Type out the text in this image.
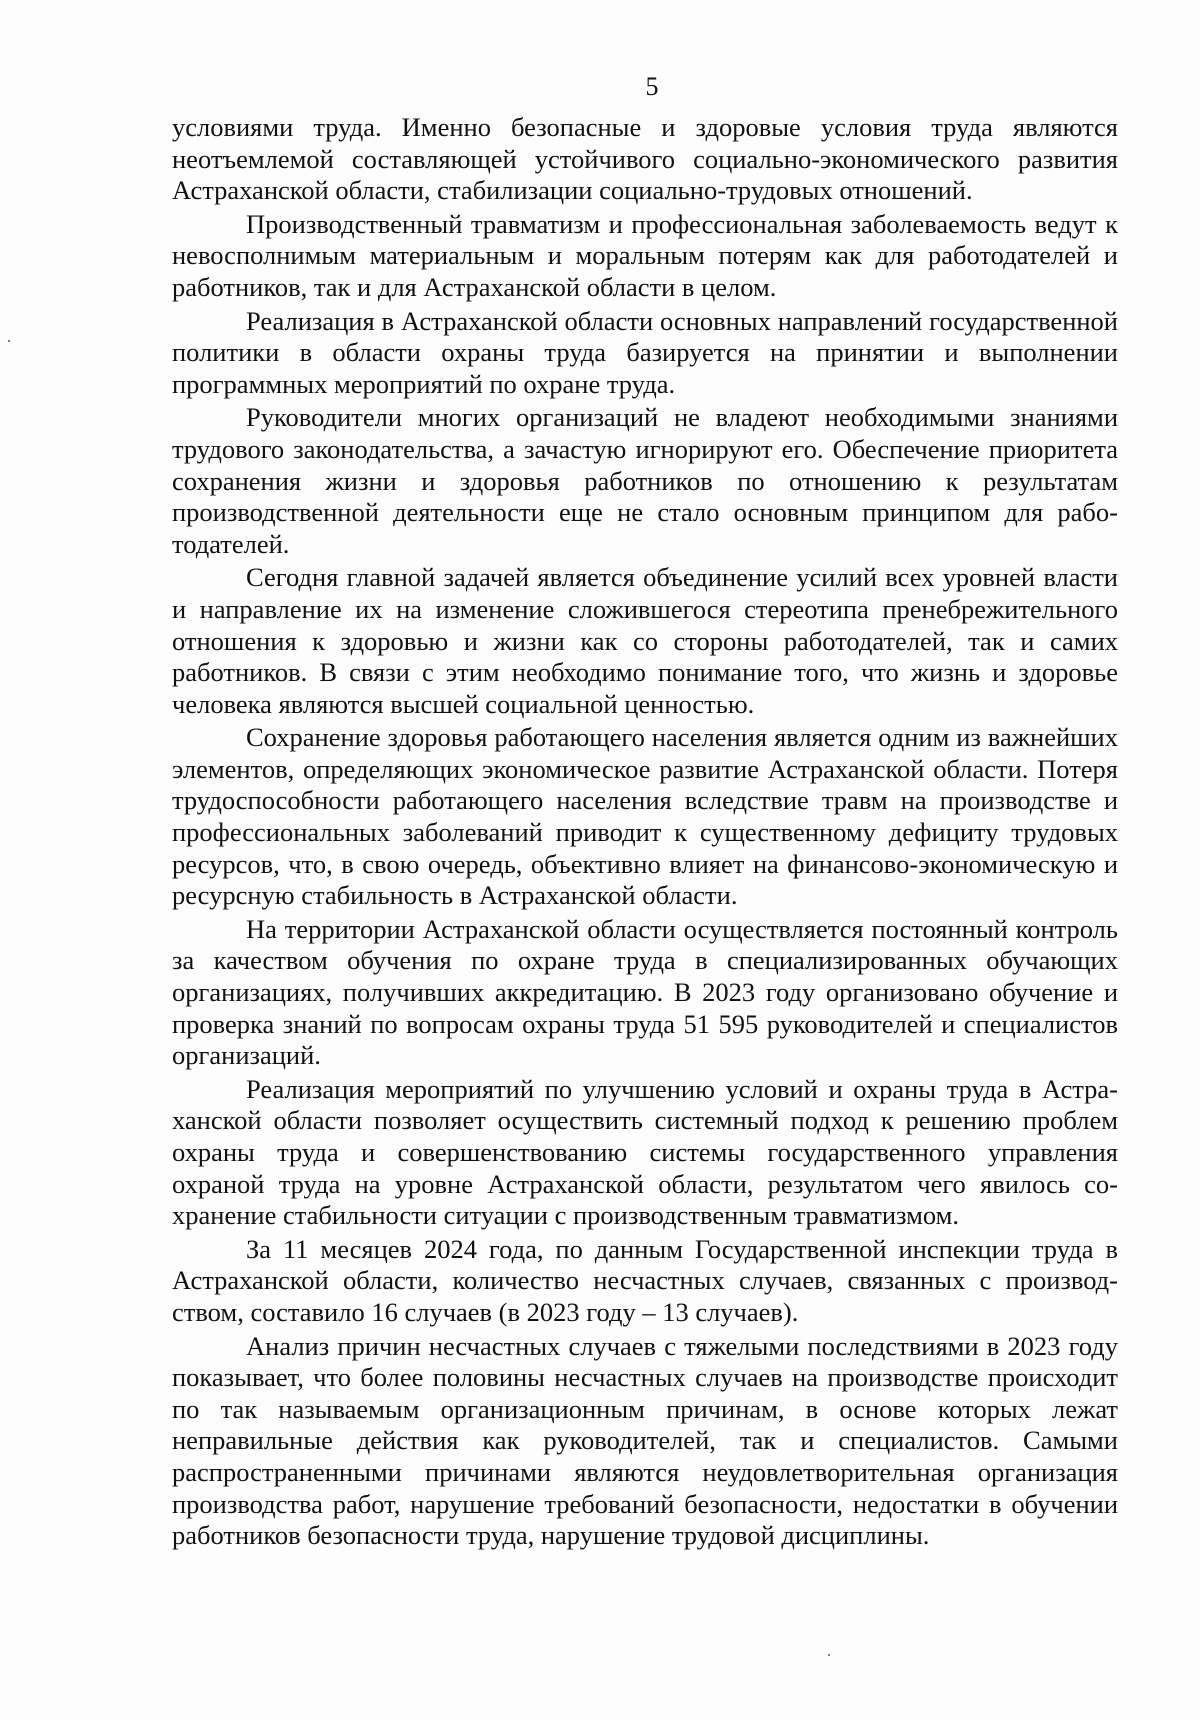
5

условиями труда. Именно безопасные и здоровые условия труда являются неотъемлемой составляющей устойчивого социально-экономического развития Астраханской области, стабилизации социально-трудовых отношений.

Производственный травматизм и профессиональная заболеваемость ведут к невосполнимым материальным и моральным потерям как для работодателей и работников, так и для Астраханской области в целом.

Реализация в Астраханской области основных направлений государственной политики в области охраны труда базируется на принятии и выполнении программных мероприятий по охране труда.

Руководители многих организаций не владеют необходимыми знаниями трудового законодательства, а зачастую игнорируют его. Обеспечение приоритета сохранения жизни и здоровья работников по отношению к результатам производственной деятельности еще не стало основным принципом для работодателей.

Сегодня главной задачей является объединение усилий всех уровней власти и направление их на изменение сложившегося стереотипа пренебрежительного отношения к здоровью и жизни как со стороны работодателей, так и самих работников. В связи с этим необходимо понимание того, что жизнь и здоровье человека являются высшей социальной ценностью.

Сохранение здоровья работающего населения является одним из важнейших элементов, определяющих экономическое развитие Астраханской области. Потеря трудоспособности работающего населения вследствие травм на производстве и профессиональных заболеваний приводит к существенному дефициту трудовых ресурсов, что, в свою очередь, объективно влияет на финансово-экономическую и ресурсную стабильность в Астраханской области.

На территории Астраханской области осуществляется постоянный контроль за качеством обучения по охране труда в специализированных обучающих организациях, получивших аккредитацию. В 2023 году организовано обучение и проверка знаний по вопросам охраны труда 51 595 руководителей и специалистов организаций.

Реализация мероприятий по улучшению условий и охраны труда в Астраханской области позволяет осуществить системный подход к решению проблем охраны труда и совершенствованию системы государственного управления охраной труда на уровне Астраханской области, результатом чего явилось сохранение стабильности ситуации с производственным травматизмом.

За 11 месяцев 2024 года, по данным Государственной инспекции труда в Астраханской области, количество несчастных случаев, связанных с производством, составило 16 случаев (в 2023 году – 13 случаев).

Анализ причин несчастных случаев с тяжелыми последствиями в 2023 году показывает, что более половины несчастных случаев на производстве происходит по так называемым организационным причинам, в основе которых лежат неправильные действия как руководителей, так и специалистов. Самыми распространенными причинами являются неудовлетворительная организация производства работ, нарушение требований безопасности, недостатки в обучении работников безопасности труда, нарушение трудовой дисциплины.
